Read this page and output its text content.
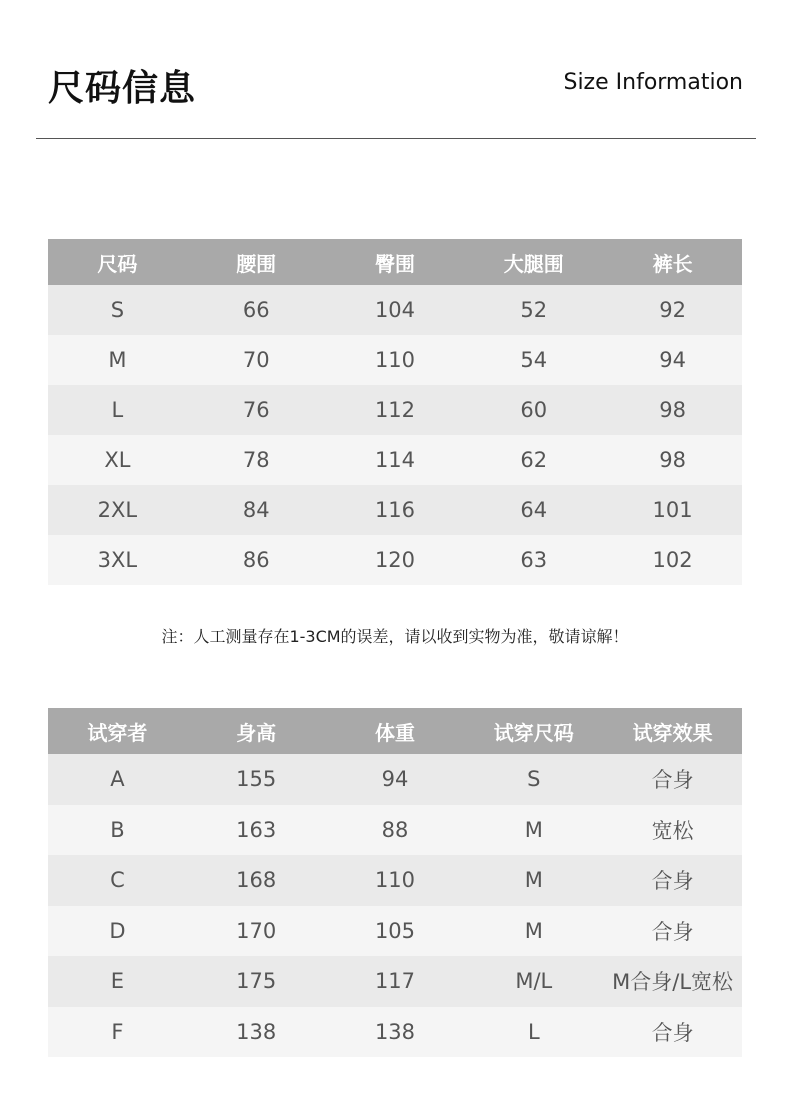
尺码信息	Size Information
尺码	腰围	臀围	大腿围	裤长
S	66	104	52	92
M	70	110	54	94
L	76	112	60	98
XL	78	114	62	98
2XL	84	116	64	101
3XL	86	120	63	102
注：人工测量存在1-3CM的误差，请以收到实物为准，敬请谅解！
试穿者	身高	体重	试穿尺码	试穿效果
A	155	94	S	合身
B	163	88	M	宽松
C	168	110	M	合身
D	170	105	M	合身
E	175	117	M/L	M合身/L宽松
F	138	138	L	合身
